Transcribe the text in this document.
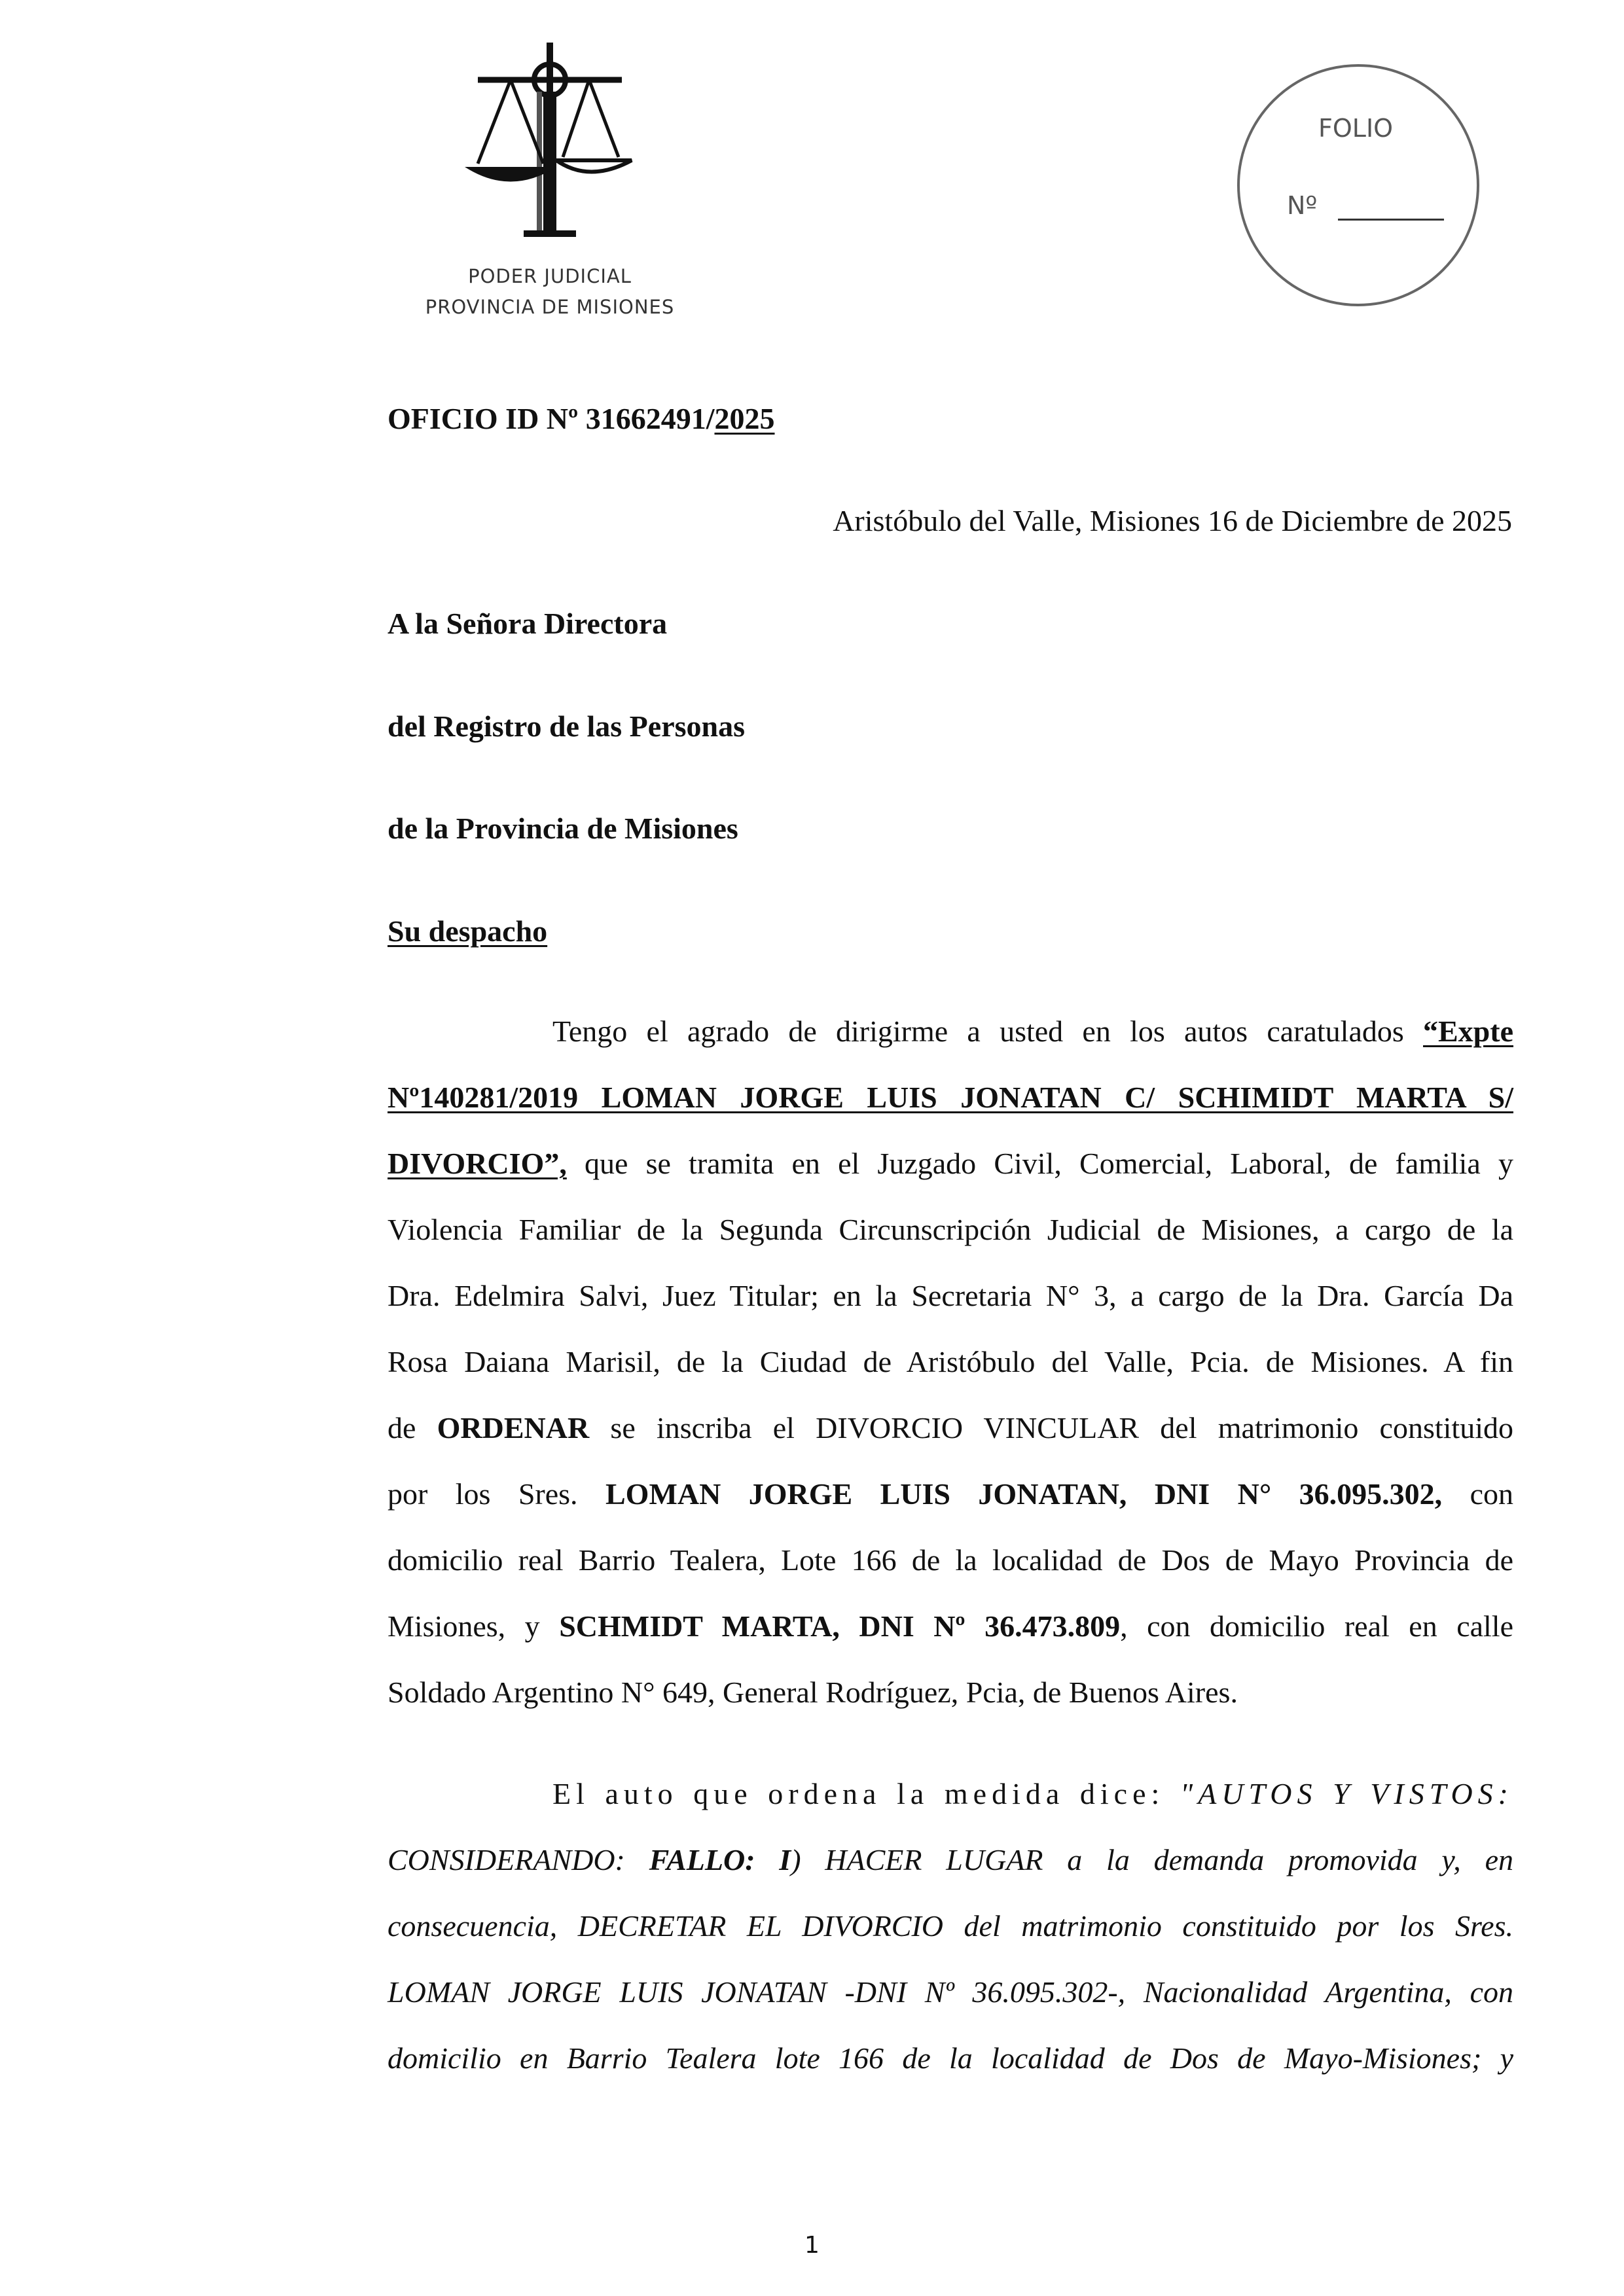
PODER JUDICIAL
PROVINCIA DE MISIONES
FOLIO
Nº
OFICIO ID Nº 31662491/2025
Aristóbulo del Valle, Misiones 16 de Diciembre de 2025
A la Señora Directora
del Registro de las Personas
de la Provincia de Misiones
Su despacho
Tengo el agrado de dirigirme a usted en los autos caratulados “Expte
Nº140281/2019 LOMAN JORGE LUIS JONATAN C/ SCHIMIDT MARTA S/
DIVORCIO”, que se tramita en el Juzgado Civil, Comercial, Laboral, de familia y
Violencia Familiar de la Segunda Circunscripción Judicial de Misiones, a cargo de la
Dra. Edelmira Salvi, Juez Titular; en la Secretaria N° 3, a cargo de la Dra. García Da
Rosa Daiana Marisil, de la Ciudad de Aristóbulo del Valle, Pcia. de Misiones. A fin
de ORDENAR se inscriba el DIVORCIO VINCULAR del matrimonio constituido
por los Sres. LOMAN JORGE LUIS JONATAN, DNI N° 36.095.302, con
domicilio real Barrio Tealera, Lote 166 de la localidad de Dos de Mayo Provincia de
Misiones, y SCHMIDT MARTA, DNI Nº 36.473.809, con domicilio real en calle
Soldado Argentino N° 649, General Rodríguez, Pcia, de Buenos Aires.
El auto que ordena la medida dice: "AUTOS Y VISTOS:
CONSIDERANDO: FALLO: I) HACER LUGAR a la demanda promovida y, en
consecuencia, DECRETAR EL DIVORCIO del matrimonio constituido por los Sres.
LOMAN JORGE LUIS JONATAN -DNI Nº 36.095.302-, Nacionalidad Argentina, con
domicilio en Barrio Tealera lote 166 de la localidad de Dos de Mayo-Misiones; y
1
